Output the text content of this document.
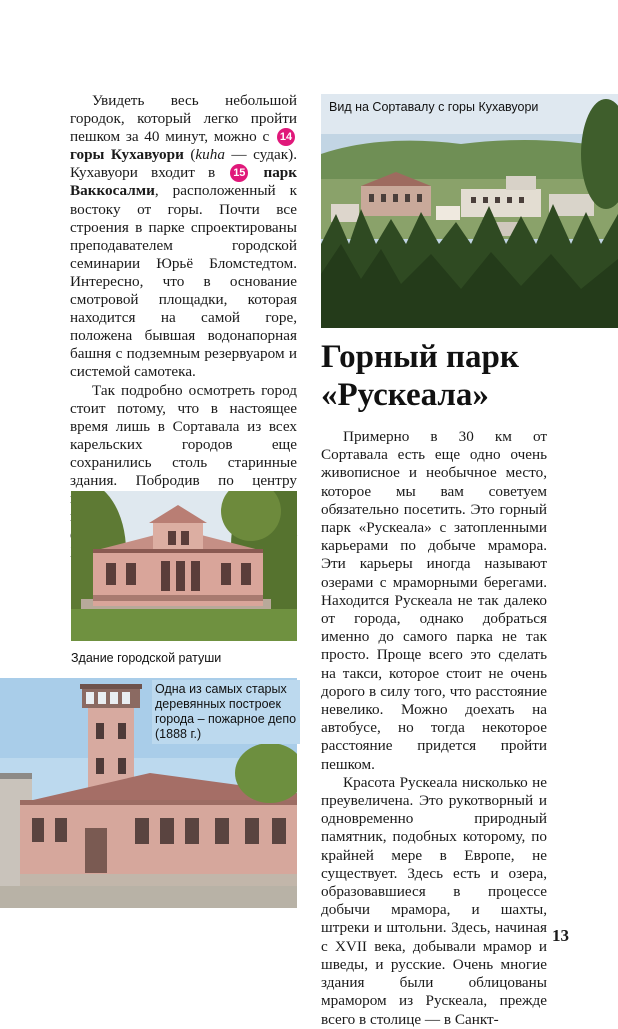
Увидеть весь небольшой городок, который легко пройти пешком за 40 минут, можно с 14 горы Кухавуори (kuha — судак). Кухавуори входит в 15 парк Ваккосалми, расположенный к востоку от горы. Почти все строения в парке спроектированы преподавателем городской семинарии Юрьё Бломстедтом. Интересно, что в основание смотровой площадки, которая находится на самой горе, положена бывшая водонапорная башня с подземным резервуаром и системой самотека.

Так подробно осмотреть город стоит потому, что в настоящее время лишь в Сортавала из всех карельских городов еще сохранились столь старинные здания. Побродив по центру

Здание городской ратуши
Одна из самых старых деревянных построек города – пожарное депо (1888 г.)
Вид на Сортавалу с горы Кухавуори
Горный парк
«Рускеала»

Примерно в 30 км от Сортавала есть еще одно очень живописное и необычное место, которое мы вам советуем обязательно посетить. Это горный парк «Рускеала» с затопленными карьерами по добыче мрамора. Эти карьеры иногда называют озерами с мраморными берегами. Находится Рускеала не так далеко от города, однако добраться именно до самого парка не так просто. Проще всего это сделать на такси, которое стоит не очень дорого в силу того, что расстояние невелико. Можно доехать на автобусе, но тогда некоторое расстояние придется пройти пешком.

Красота Рускеала нисколько не преувеличена. Это рукотворный и одновременно природный памятник, подобных которому, по крайней мере в Европе, не существует. Здесь есть и озера, образовавшиеся в процессе добычи мрамора, и шахты, штреки и штольни. Здесь, начиная с XVII века, добывали мрамор и шведы, и русские. Очень многие здания были облицованы мрамором из Рускеала, прежде всего в столице — в Санкт-

13
